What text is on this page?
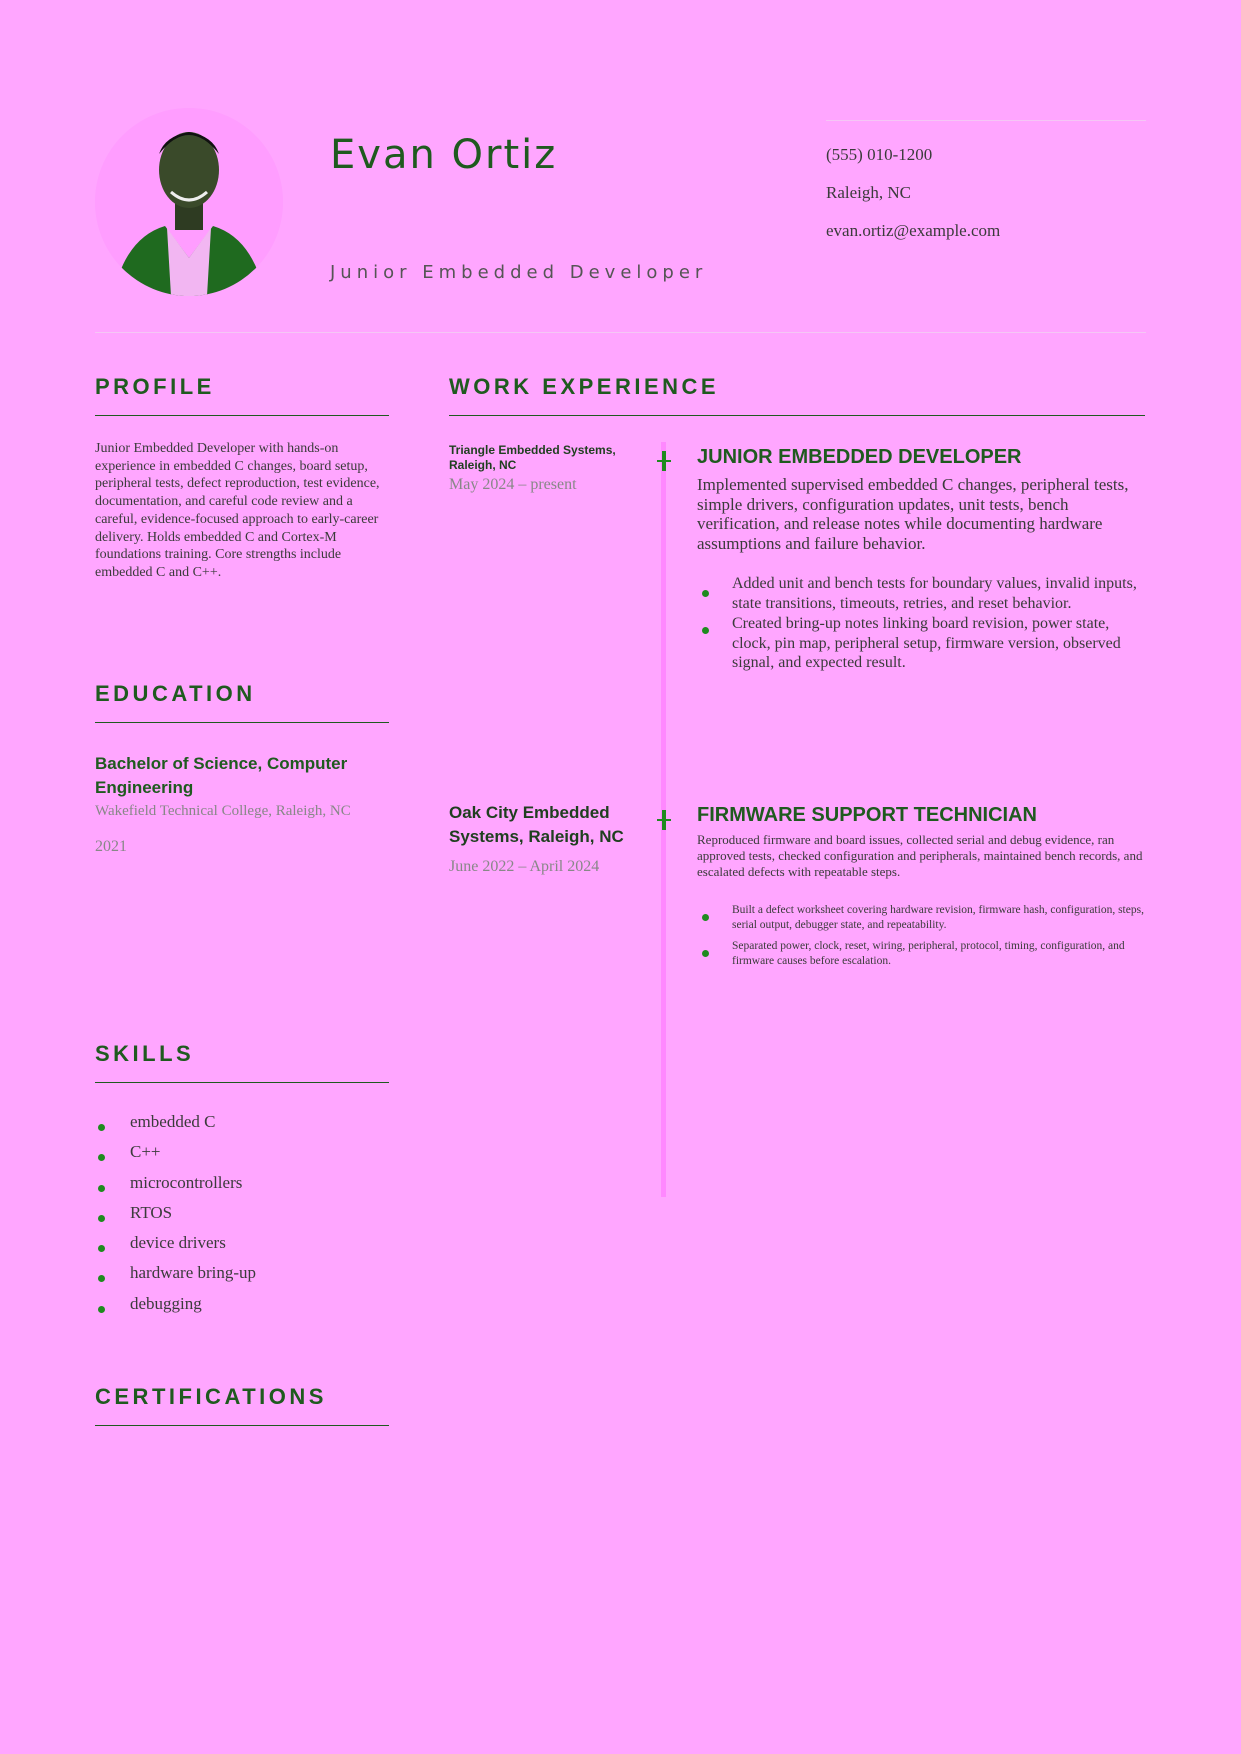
Evan Ortiz
Junior Embedded Developer
(555) 010-1200
Raleigh, NC
evan.ortiz@example.com
PROFILE
Junior Embedded Developer with hands-on experience in embedded C changes, board setup, peripheral tests, defect reproduction, test evidence, documentation, and careful code review and a careful, evidence-focused approach to early-career delivery. Holds embedded C and Cortex-M foundations training. Core strengths include embedded C and C++.
EDUCATION
Bachelor of Science, Computer Engineering
Wakefield Technical College, Raleigh, NC
2021
SKILLS
embedded C
C++
microcontrollers
RTOS
device drivers
hardware bring-up
debugging
CERTIFICATIONS
WORK EXPERIENCE
Triangle Embedded Systems, Raleigh, NC
May 2024 – present
JUNIOR EMBEDDED DEVELOPER
Implemented supervised embedded C changes, peripheral tests, simple drivers, configuration updates, unit tests, bench verification, and release notes while documenting hardware assumptions and failure behavior.
Added unit and bench tests for boundary values, invalid inputs, state transitions, timeouts, retries, and reset behavior.
Created bring-up notes linking board revision, power state, clock, pin map, peripheral setup, firmware version, observed signal, and expected result.
Oak City Embedded Systems, Raleigh, NC
June 2022 – April 2024
FIRMWARE SUPPORT TECHNICIAN
Reproduced firmware and board issues, collected serial and debug evidence, ran approved tests, checked configuration and peripherals, maintained bench records, and escalated defects with repeatable steps.
Built a defect worksheet covering hardware revision, firmware hash, configuration, steps, serial output, debugger state, and repeatability.
Separated power, clock, reset, wiring, peripheral, protocol, timing, configuration, and firmware causes before escalation.
